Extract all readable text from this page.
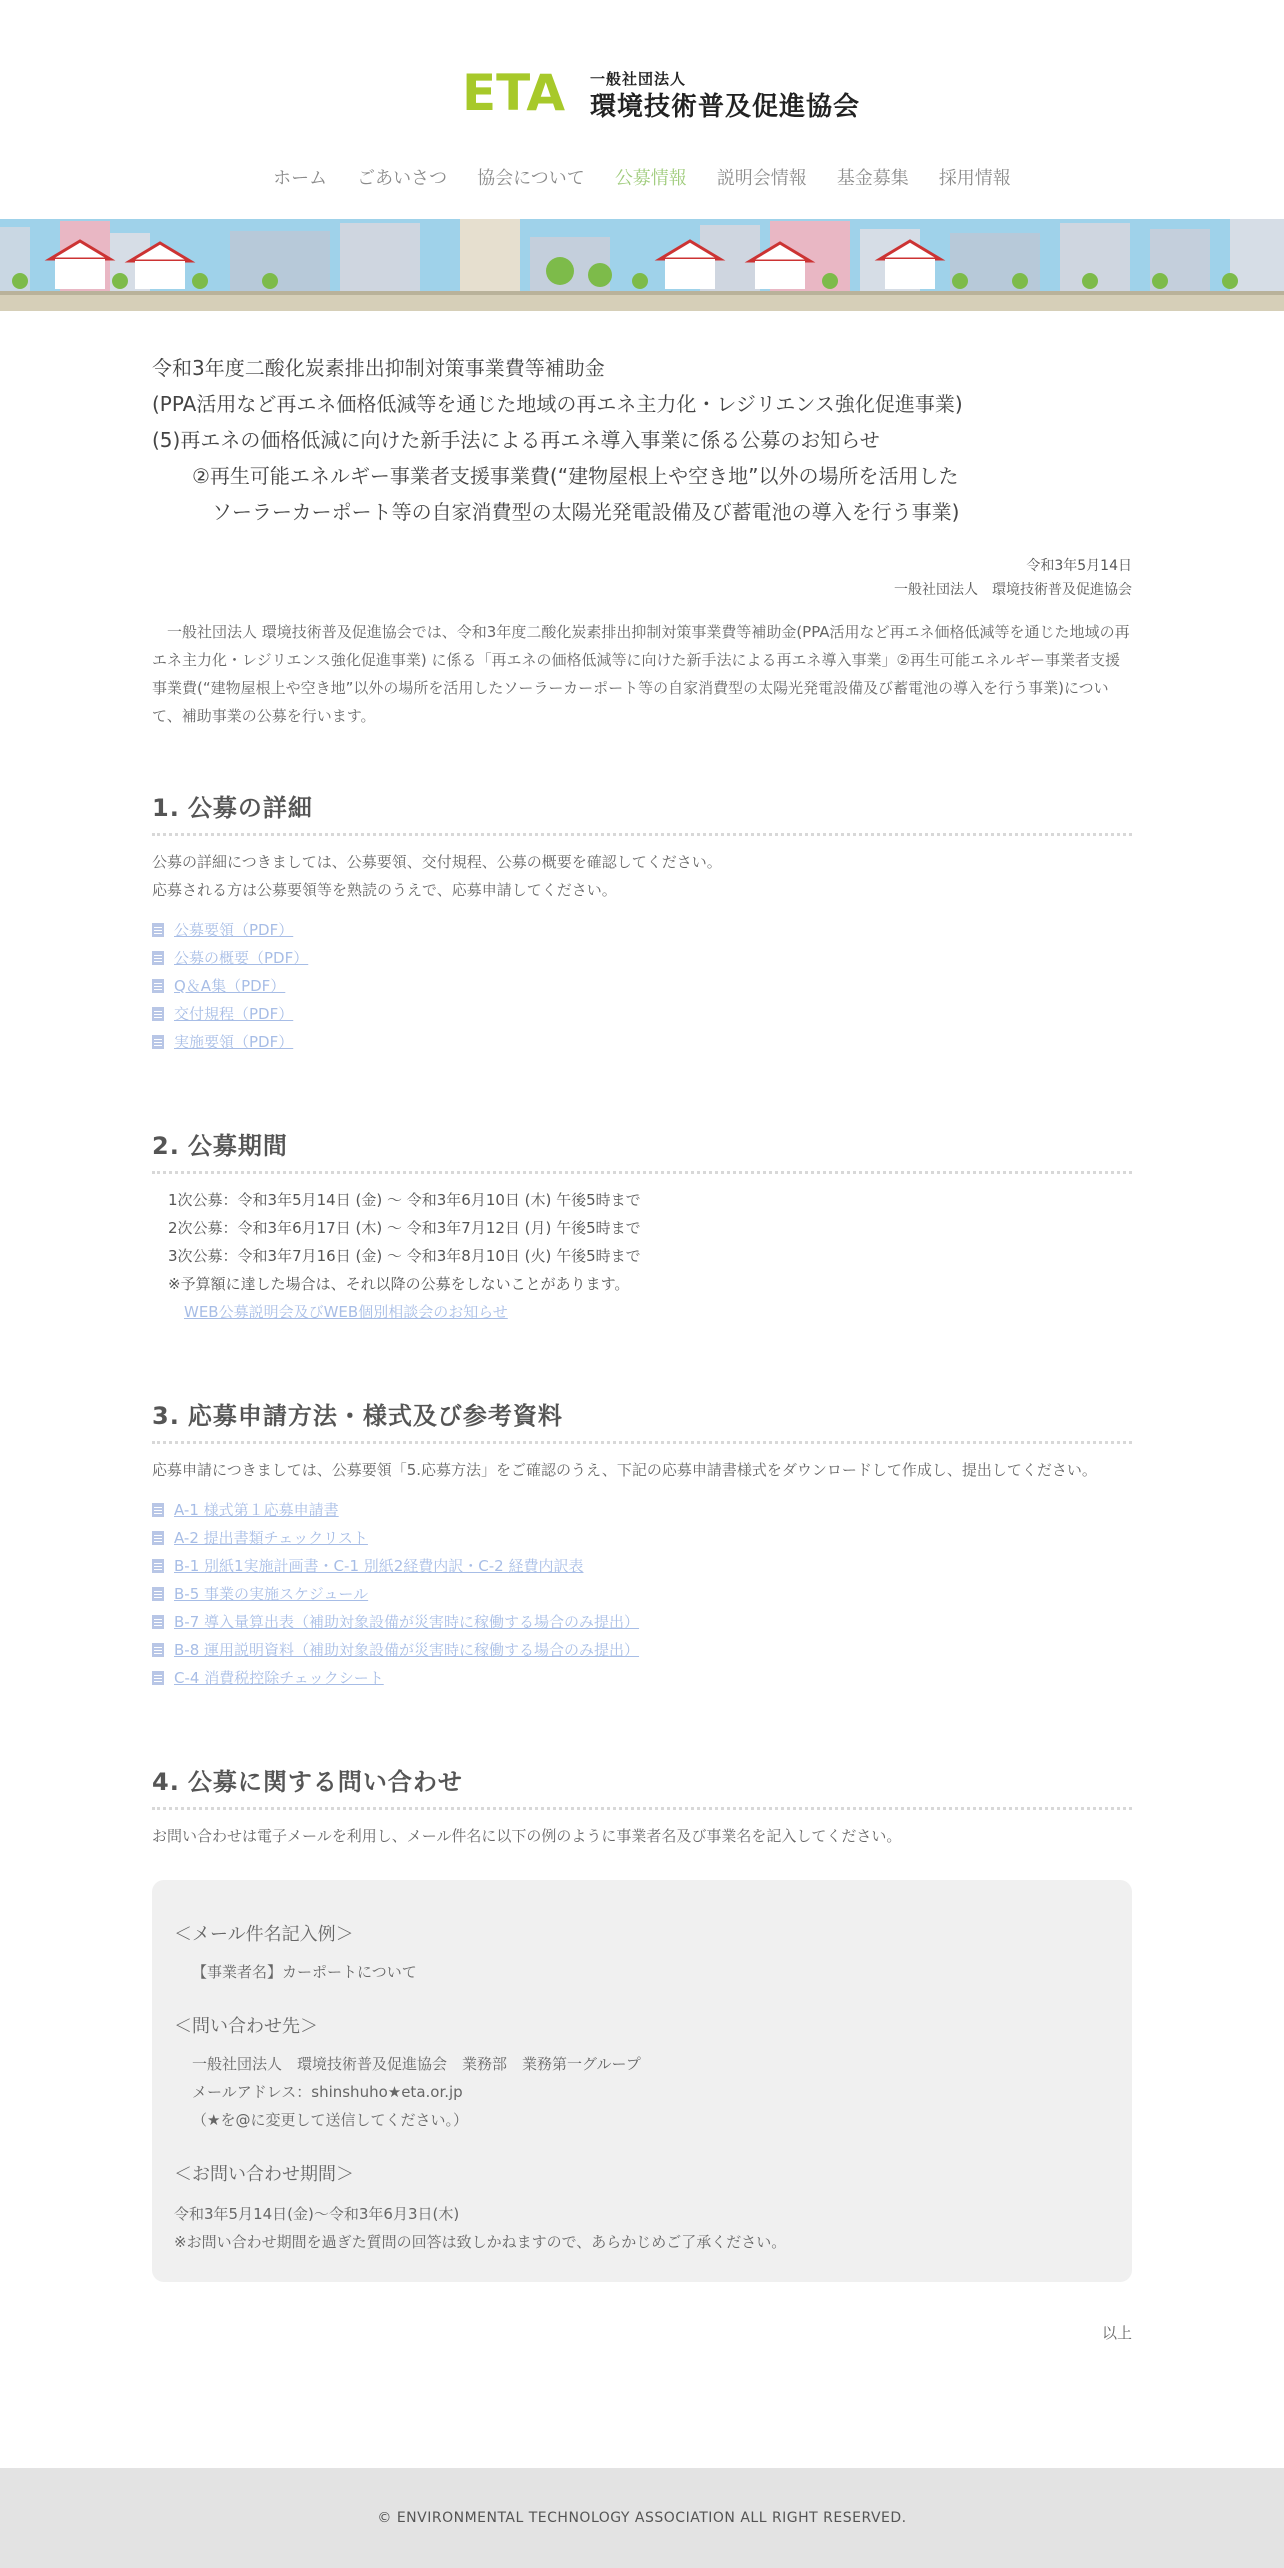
ETA 一般社団法人
環境技術普及促進協会
ホーム	ごあいさつ	協会について	公募情報	説明会情報	基金募集	採用情報
令和3年度二酸化炭素排出抑制対策事業費等補助金
(PPA活用など再エネ価格低減等を通じた地域の再エネ主力化・レジリエンス強化促進事業)
(5)再エネの価格低減に向けた新手法による再エネ導入事業に係る公募のお知らせ
②再生可能エネルギー事業者支援事業費(“建物屋根上や空き地”以外の場所を活用した
ソーラーカーポート等の自家消費型の太陽光発電設備及び蓄電池の導入を行う事業)
令和3年5月14日
一般社団法人　環境技術普及促進協会

一般社団法人 環境技術普及促進協会では、令和3年度二酸化炭素排出抑制対策事業費等補助金(PPA活用など再エネ価格低減等を通じた地域の再エネ主力化・レジリエンス強化促進事業) に係る「再エネの価格低減等に向けた新手法による再エネ導入事業」②再生可能エネルギー事業者支援事業費(“建物屋根上や空き地”以外の場所を活用したソーラーカーポート等の自家消費型の太陽光発電設備及び蓄電池の導入を行う事業)について、補助事業の公募を行います。

1. 公募の詳細
公募の詳細につきましては、公募要領、交付規程、公募の概要を確認してください。
応募される方は公募要領等を熟読のうえで、応募申請してください。
公募要領（PDF）
公募の概要（PDF）
Q＆A集（PDF）
交付規程（PDF）
実施要領（PDF）
2. 公募期間
1次公募：令和3年5月14日 (金) 〜 令和3年6月10日 (木) 午後5時まで
2次公募：令和3年6月17日 (木) 〜 令和3年7月12日 (月) 午後5時まで
3次公募：令和3年7月16日 (金) 〜 令和3年8月10日 (火) 午後5時まで
※予算額に達した場合は、それ以降の公募をしないことがあります。
WEB公募説明会及びWEB個別相談会のお知らせ
3. 応募申請方法・様式及び参考資料

応募申請につきましては、公募要領「5.応募方法」をご確認のうえ、下記の応募申請書様式をダウンロードして作成し、提出してください。

A-1 様式第１応募申請書
A-2 提出書類チェックリスト
B-1 別紙1実施計画書・C-1 別紙2経費内訳・C-2 経費内訳表
B-5 事業の実施スケジュール
B-7 導入量算出表（補助対象設備が災害時に稼働する場合のみ提出）
B-8 運用説明資料（補助対象設備が災害時に稼働する場合のみ提出）
C-4 消費税控除チェックシート
4. 公募に関する問い合わせ

お問い合わせは電子メールを利用し、メール件名に以下の例のように事業者名及び事業名を記入してください。

＜メール件名記入例＞
【事業者名】カーポートについて
＜問い合わせ先＞
一般社団法人　環境技術普及促進協会　業務部　業務第一グループ
メールアドレス：shinshuho★eta.or.jp
（★を@に変更して送信してください。）
＜お問い合わせ期間＞
令和3年5月14日(金)〜令和3年6月3日(木)
※お問い合わせ期間を過ぎた質問の回答は致しかねますので、あらかじめご了承ください。
以上
© ENVIRONMENTAL TECHNOLOGY ASSOCIATION ALL RIGHT RESERVED.
